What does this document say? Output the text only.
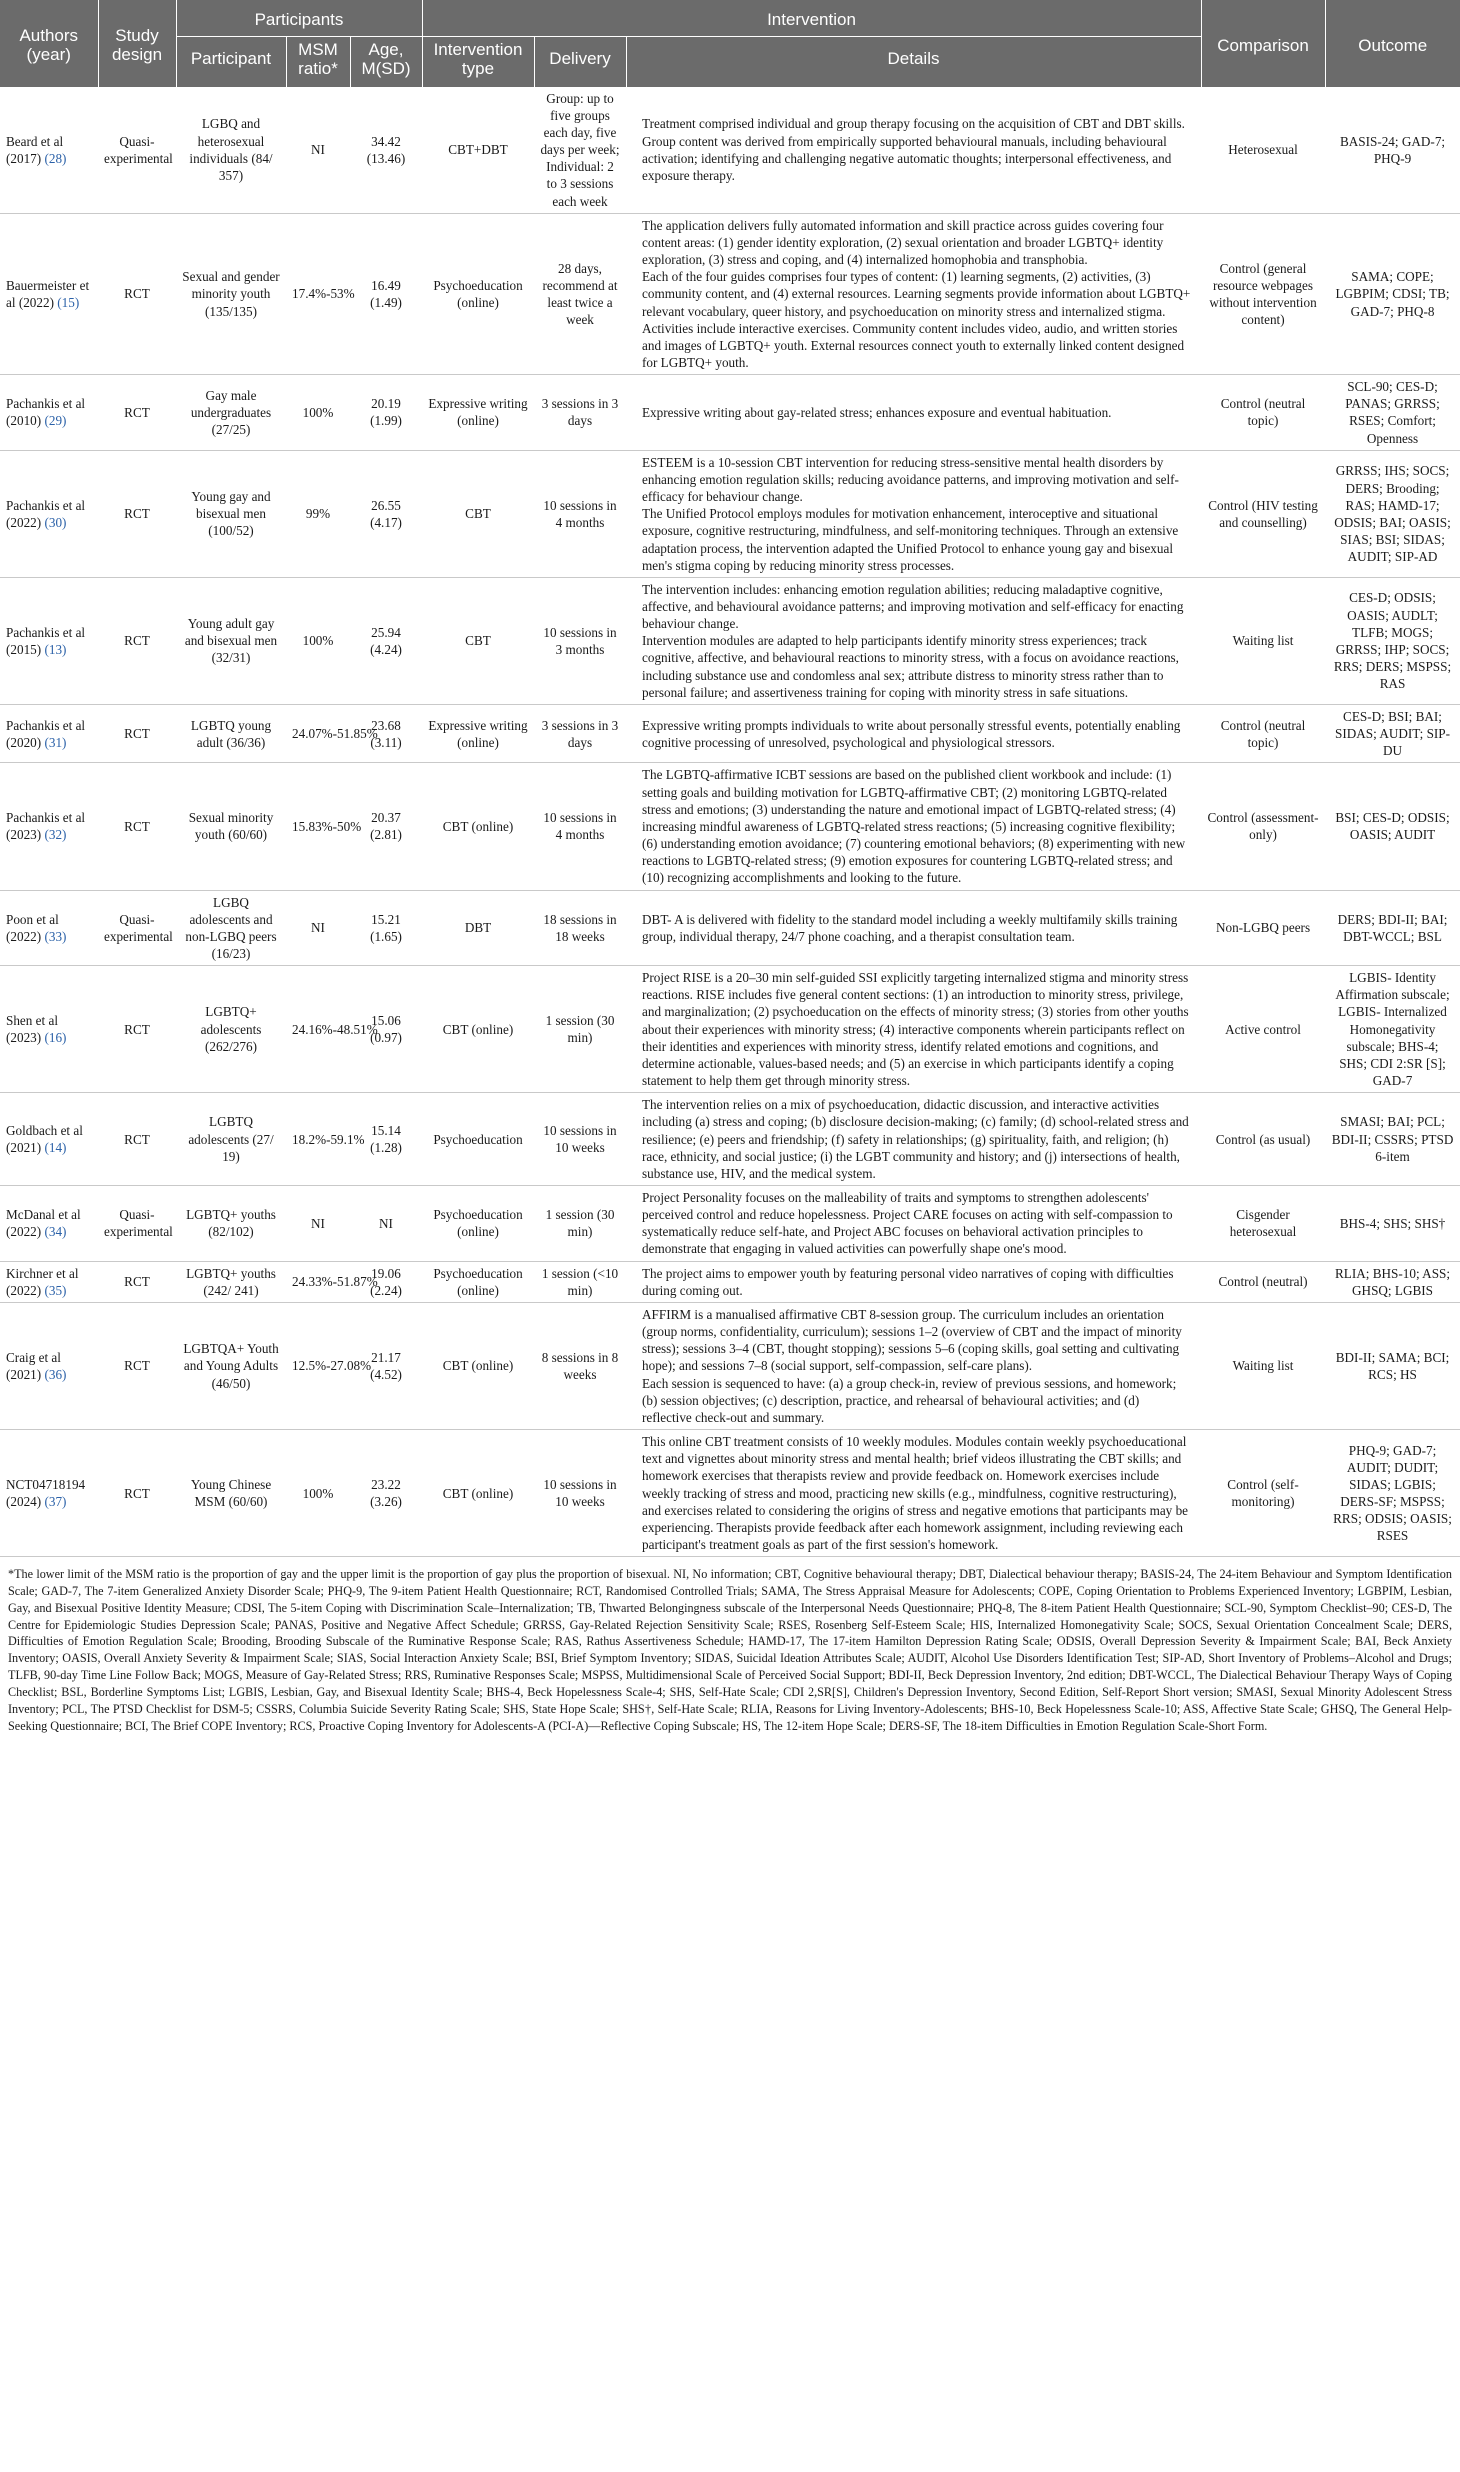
Authors (year)	Study design	Participants			Intervention			Comparison	Outcome
		Participant	MSM ratio*	Age, M(SD)	Intervention type	Delivery	Details		
Beard et al (2017) (28)	Quasi-experimental	LGBQ and heterosexual individuals (84/ 357)	NI	34.42 (13.46)	CBT+DBT	Group: up to five groups each day, five days per week; Individual: 2 to 3 sessions each week	Treatment comprised individual and group therapy focusing on the acquisition of CBT and DBT skills. Group content was derived from empirically supported behavioural manuals, including behavioural activation; identifying and challenging negative automatic thoughts; interpersonal effectiveness, and exposure therapy.	Heterosexual	BASIS-24; GAD-7; PHQ-9
Bauermeister et al (2022) (15)	RCT	Sexual and gender minority youth (135/135)	17.4%-53%	16.49 (1.49)	Psychoeducation (online)	28 days, recommend at least twice a week	The application delivers fully automated information and skill practice across guides covering four content areas: (1) gender identity exploration, (2) sexual orientation and broader LGBTQ+ identity exploration, (3) stress and coping, and (4) internalized homophobia and transphobia.
Each of the four guides comprises four types of content: (1) learning segments, (2) activities, (3) community content, and (4) external resources. Learning segments provide information about LGBTQ+ relevant vocabulary, queer history, and psychoeducation on minority stress and internalized stigma. Activities include interactive exercises. Community content includes video, audio, and written stories and images of LGBTQ+ youth. External resources connect youth to externally linked content designed for LGBTQ+ youth.	Control (general resource webpages without intervention content)	SAMA; COPE; LGBPIM; CDSI; TB; GAD-7; PHQ-8
Pachankis et al (2010) (29)	RCT	Gay male undergraduates (27/25)	100%	20.19 (1.99)	Expressive writing (online)	3 sessions in 3 days	Expressive writing about gay-related stress; enhances exposure and eventual habituation.	Control (neutral topic)	SCL-90; CES-D; PANAS; GRRSS; RSES; Comfort; Openness
Pachankis et al (2022) (30)	RCT	Young gay and bisexual men (100/52)	99%	26.55 (4.17)	CBT	10 sessions in 4 months	ESTEEM is a 10-session CBT intervention for reducing stress-sensitive mental health disorders by enhancing emotion regulation skills; reducing avoidance patterns, and improving motivation and self-efficacy for behaviour change.
The Unified Protocol employs modules for motivation enhancement, interoceptive and situational exposure, cognitive restructuring, mindfulness, and self-monitoring techniques. Through an extensive adaptation process, the intervention adapted the Unified Protocol to enhance young gay and bisexual men's stigma coping by reducing minority stress processes.	Control (HIV testing and counselling)	GRRSS; IHS; SOCS; DERS; Brooding; RAS; HAMD-17; ODSIS; BAI; OASIS; SIAS; BSI; SIDAS; AUDIT; SIP-AD
Pachankis et al (2015) (13)	RCT	Young adult gay and bisexual men (32/31)	100%	25.94 (4.24)	CBT	10 sessions in 3 months	The intervention includes: enhancing emotion regulation abilities; reducing maladaptive cognitive, affective, and behavioural avoidance patterns; and improving motivation and self-efficacy for enacting behaviour change.
Intervention modules are adapted to help participants identify minority stress experiences; track cognitive, affective, and behavioural reactions to minority stress, with a focus on avoidance reactions, including substance use and condomless anal sex; attribute distress to minority stress rather than to personal failure; and assertiveness training for coping with minority stress in safe situations.	Waiting list	CES-D; ODSIS; OASIS; AUDLT; TLFB; MOGS; GRRSS; IHP; SOCS; RRS; DERS; MSPSS; RAS
Pachankis et al (2020) (31)	RCT	LGBTQ young adult (36/36)	24.07%-51.85%	23.68 (3.11)	Expressive writing (online)	3 sessions in 3 days	Expressive writing prompts individuals to write about personally stressful events, potentially enabling cognitive processing of unresolved, psychological and physiological stressors.	Control (neutral topic)	CES-D; BSI; BAI; SIDAS; AUDIT; SIP-DU
Pachankis et al (2023) (32)	RCT	Sexual minority youth (60/60)	15.83%-50%	20.37 (2.81)	CBT (online)	10 sessions in 4 months	The LGBTQ-affirmative ICBT sessions are based on the published client workbook and include: (1) setting goals and building motivation for LGBTQ-affirmative CBT; (2) monitoring LGBTQ-related stress and emotions; (3) understanding the nature and emotional impact of LGBTQ-related stress; (4) increasing mindful awareness of LGBTQ-related stress reactions; (5) increasing cognitive flexibility; (6) understanding emotion avoidance; (7) countering emotional behaviors; (8) experimenting with new reactions to LGBTQ-related stress; (9) emotion exposures for countering LGBTQ-related stress; and (10) recognizing accomplishments and looking to the future.	Control (assessment-only)	BSI; CES-D; ODSIS; OASIS; AUDIT
Poon et al (2022) (33)	Quasi-experimental	LGBQ adolescents and non-LGBQ peers (16/23)	NI	15.21 (1.65)	DBT	18 sessions in 18 weeks	DBT- A is delivered with fidelity to the standard model including a weekly multifamily skills training group, individual therapy, 24/7 phone coaching, and a therapist consultation team.	Non-LGBQ peers	DERS; BDI-II; BAI; DBT-WCCL; BSL
Shen et al (2023) (16)	RCT	LGBTQ+ adolescents (262/276)	24.16%-48.51%	15.06 (0.97)	CBT (online)	1 session (30 min)	Project RISE is a 20–30 min self-guided SSI explicitly targeting internalized stigma and minority stress reactions. RISE includes five general content sections: (1) an introduction to minority stress, privilege, and marginalization; (2) psychoeducation on the effects of minority stress; (3) stories from other youths about their experiences with minority stress; (4) interactive components wherein participants reflect on their identities and experiences with minority stress, identify related emotions and cognitions, and determine actionable, values-based needs; and (5) an exercise in which participants identify a coping statement to help them get through minority stress.	Active control	LGBIS- Identity Affirmation subscale; LGBIS- Internalized Homonegativity subscale; BHS-4; SHS; CDI 2:SR [S]; GAD-7
Goldbach et al (2021) (14)	RCT	LGBTQ adolescents (27/ 19)	18.2%-59.1%	15.14 (1.28)	Psychoeducation	10 sessions in 10 weeks	The intervention relies on a mix of psychoeducation, didactic discussion, and interactive activities including (a) stress and coping; (b) disclosure decision-making; (c) family; (d) school-related stress and resilience; (e) peers and friendship; (f) safety in relationships; (g) spirituality, faith, and religion; (h) race, ethnicity, and social justice; (i) the LGBT community and history; and (j) intersections of health, substance use, HIV, and the medical system.	Control (as usual)	SMASI; BAI; PCL; BDI-II; CSSRS; PTSD 6-item
McDanal et al (2022) (34)	Quasi-experimental	LGBTQ+ youths (82/102)	NI	NI	Psychoeducation (online)	1 session (30 min)	Project Personality focuses on the malleability of traits and symptoms to strengthen adolescents' perceived control and reduce hopelessness. Project CARE focuses on acting with self-compassion to systematically reduce self-hate, and Project ABC focuses on behavioral activation principles to demonstrate that engaging in valued activities can powerfully shape one's mood.	Cisgender heterosexual	BHS-4; SHS; SHS†
Kirchner et al (2022) (35)	RCT	LGBTQ+ youths (242/ 241)	24.33%-51.87%	19.06 (2.24)	Psychoeducation (online)	1 session (<10 min)	The project aims to empower youth by featuring personal video narratives of coping with difficulties during coming out.	Control (neutral)	RLIA; BHS-10; ASS; GHSQ; LGBIS
Craig et al (2021) (36)	RCT	LGBTQA+ Youth and Young Adults (46/50)	12.5%-27.08%	21.17 (4.52)	CBT (online)	8 sessions in 8 weeks	AFFIRM is a manualised affirmative CBT 8-session group. The curriculum includes an orientation (group norms, confidentiality, curriculum); sessions 1–2 (overview of CBT and the impact of minority stress); sessions 3–4 (CBT, thought stopping); sessions 5–6 (coping skills, goal setting and cultivating hope); and sessions 7–8 (social support, self-compassion, self-care plans).
Each session is sequenced to have: (a) a group check-in, review of previous sessions, and homework; (b) session objectives; (c) description, practice, and rehearsal of behavioural activities; and (d) reflective check-out and summary.	Waiting list	BDI-II; SAMA; BCI; RCS; HS
NCT04718194 (2024) (37)	RCT	Young Chinese MSM (60/60)	100%	23.22 (3.26)	CBT (online)	10 sessions in 10 weeks	This online CBT treatment consists of 10 weekly modules. Modules contain weekly psychoeducational text and vignettes about minority stress and mental health; brief videos illustrating the CBT skills; and homework exercises that therapists review and provide feedback on. Homework exercises include weekly tracking of stress and mood, practicing new skills (e.g., mindfulness, cognitive restructuring), and exercises related to considering the origins of stress and negative emotions that participants may be experiencing. Therapists provide feedback after each homework assignment, including reviewing each participant's treatment goals as part of the first session's homework.	Control (self-monitoring)	PHQ-9; GAD-7; AUDIT; DUDIT; SIDAS; LGBIS; DERS-SF; MSPSS; RRS; ODSIS; OASIS; RSES
*The lower limit of the MSM ratio is the proportion of gay and the upper limit is the proportion of gay plus the proportion of bisexual. NI, No information; CBT, Cognitive behavioural therapy; DBT, Dialectical behaviour therapy; BASIS-24, The 24-item Behaviour and Symptom Identification Scale; GAD-7, The 7-item Generalized Anxiety Disorder Scale; PHQ-9, The 9-item Patient Health Questionnaire; RCT, Randomised Controlled Trials; SAMA, The Stress Appraisal Measure for Adolescents; COPE, Coping Orientation to Problems Experienced Inventory; LGBPIM, Lesbian, Gay, and Bisexual Positive Identity Measure; CDSI, The 5-item Coping with Discrimination Scale–Internalization; TB, Thwarted Belongingness subscale of the Interpersonal Needs Questionnaire; PHQ-8, The 8-item Patient Health Questionnaire; SCL-90, Symptom Checklist–90; CES-D, The Centre for Epidemiologic Studies Depression Scale; PANAS, Positive and Negative Affect Schedule; GRRSS, Gay-Related Rejection Sensitivity Scale; RSES, Rosenberg Self-Esteem Scale; HIS, Internalized Homonegativity Scale; SOCS, Sexual Orientation Concealment Scale; DERS, Difficulties of Emotion Regulation Scale; Brooding, Brooding Subscale of the Ruminative Response Scale; RAS, Rathus Assertiveness Schedule; HAMD-17, The 17-item Hamilton Depression Rating Scale; ODSIS, Overall Depression Severity & Impairment Scale; BAI, Beck Anxiety Inventory; OASIS, Overall Anxiety Severity & Impairment Scale; SIAS, Social Interaction Anxiety Scale; BSI, Brief Symptom Inventory; SIDAS, Suicidal Ideation Attributes Scale; AUDIT, Alcohol Use Disorders Identification Test; SIP-AD, Short Inventory of Problems–Alcohol and Drugs; TLFB, 90-day Time Line Follow Back; MOGS, Measure of Gay-Related Stress; RRS, Ruminative Responses Scale; MSPSS, Multidimensional Scale of Perceived Social Support; BDI-II, Beck Depression Inventory, 2nd edition; DBT-WCCL, The Dialectical Behaviour Therapy Ways of Coping Checklist; BSL, Borderline Symptoms List; LGBIS, Lesbian, Gay, and Bisexual Identity Scale; BHS-4, Beck Hopelessness Scale-4; SHS, Self-Hate Scale; CDI 2,SR[S], Children's Depression Inventory, Second Edition, Self-Report Short version; SMASI, Sexual Minority Adolescent Stress Inventory; PCL, The PTSD Checklist for DSM-5; CSSRS, Columbia Suicide Severity Rating Scale; SHS, State Hope Scale; SHS†, Self-Hate Scale; RLIA, Reasons for Living Inventory-Adolescents; BHS-10, Beck Hopelessness Scale-10; ASS, Affective State Scale; GHSQ, The General Help-Seeking Questionnaire; BCI, The Brief COPE Inventory; RCS, Proactive Coping Inventory for Adolescents-A (PCI-A)—Reflective Coping Subscale; HS, The 12-item Hope Scale; DERS-SF, The 18-item Difficulties in Emotion Regulation Scale-Short Form.
